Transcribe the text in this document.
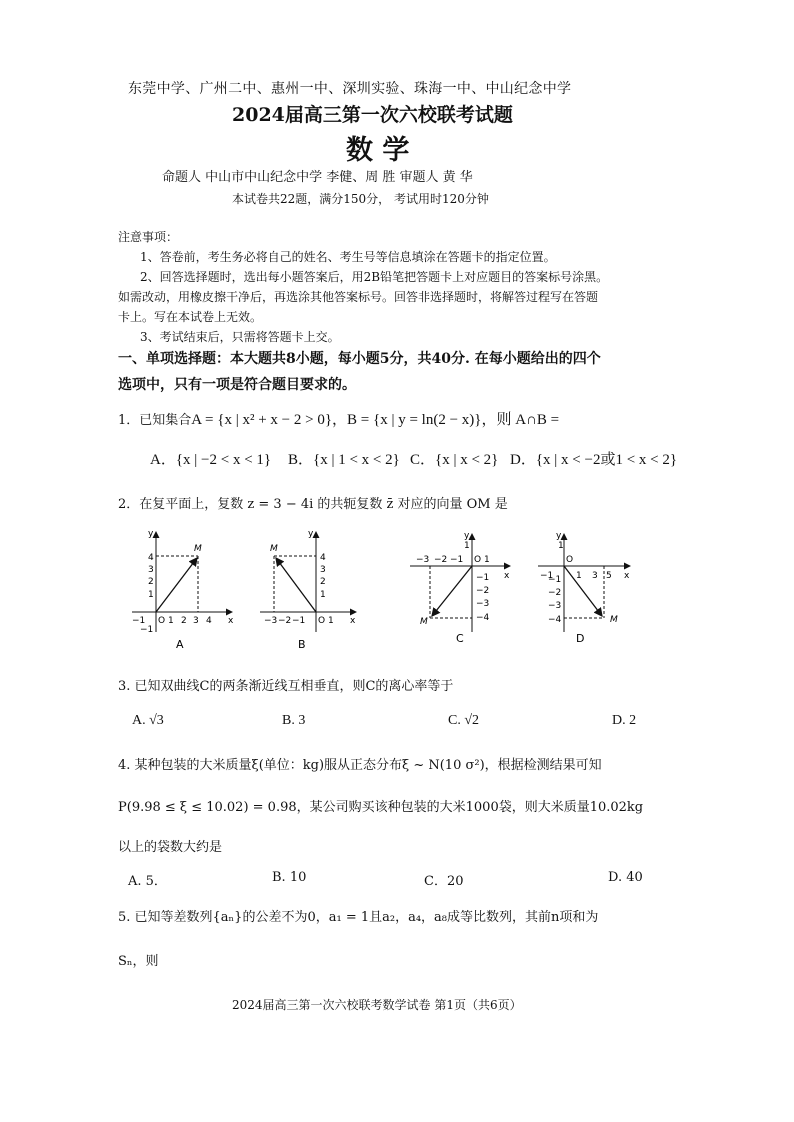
东莞中学、广州二中、惠州一中、深圳实验、珠海一中、中山纪念中学
2024届高三第一次六校联考试题
数 学
命题人 中山市中山纪念中学 李健、周 胜 审题人 黄 华
本试卷共22题，满分150分， 考试用时120分钟
注意事项：
1、答卷前，考生务必将自己的姓名、考生号等信息填涂在答题卡的指定位置。
2、回答选择题时，选出每小题答案后，用2B铅笔把答题卡上对应题目的答案标号涂黑。
如需改动，用橡皮擦干净后，再选涂其他答案标号。回答非选择题时，将解答过程写在答题
卡上。写在本试卷上无效。
3、考试结束后，只需将答题卡上交。
一、单项选择题：本大题共8小题，每小题5分，共40分. 在每小题给出的四个
选项中，只有一项是符合题目要求的。
1．已知集合A = {x | x² + x − 2 > 0}，B = {x | y = ln(2 − x)}，则 A∩B =
A．{x | −2 < x < 1} B．{x | 1 < x < 2} C．{x | x < 2} D．{x | x < −2或1 < x < 2}
2．在复平面上，复数 z = 3 − 4i 的共轭复数 z̄ 对应的向量 OM 是
x
y
−1 O 1 2 3 4
4
3
2
1
−1
M
A
x
y
−3 −2 −1 O 1
4
3
2
1
M
B
x
y
−3 −2 −1 O 1
1
−1
−2
−3
−4
M
C
x
y
−1
O
1
1 3 5
−1
−2
−3
−4	M
D
3. 已知双曲线C的两条渐近线互相垂直，则C的离心率等于
A. √3	B. 3	C. √2	D. 2
4. 某种包装的大米质量ξ(单位：kg)服从正态分布ξ ~ N(10 σ²)，根据检测结果可知
P(9.98 ≤ ξ ≤ 10.02) = 0.98，某公司购买该种包装的大米1000袋，则大米质量10.02kg
以上的袋数大约是
A. 5．	B. 10	C．20	D. 40
5. 已知等差数列{aₙ}的公差不为0，a₁ = 1且a₂，a₄，a₈成等比数列，其前n项和为
Sₙ，则
2024届高三第一次六校联考数学试卷 第1页（共6页）
